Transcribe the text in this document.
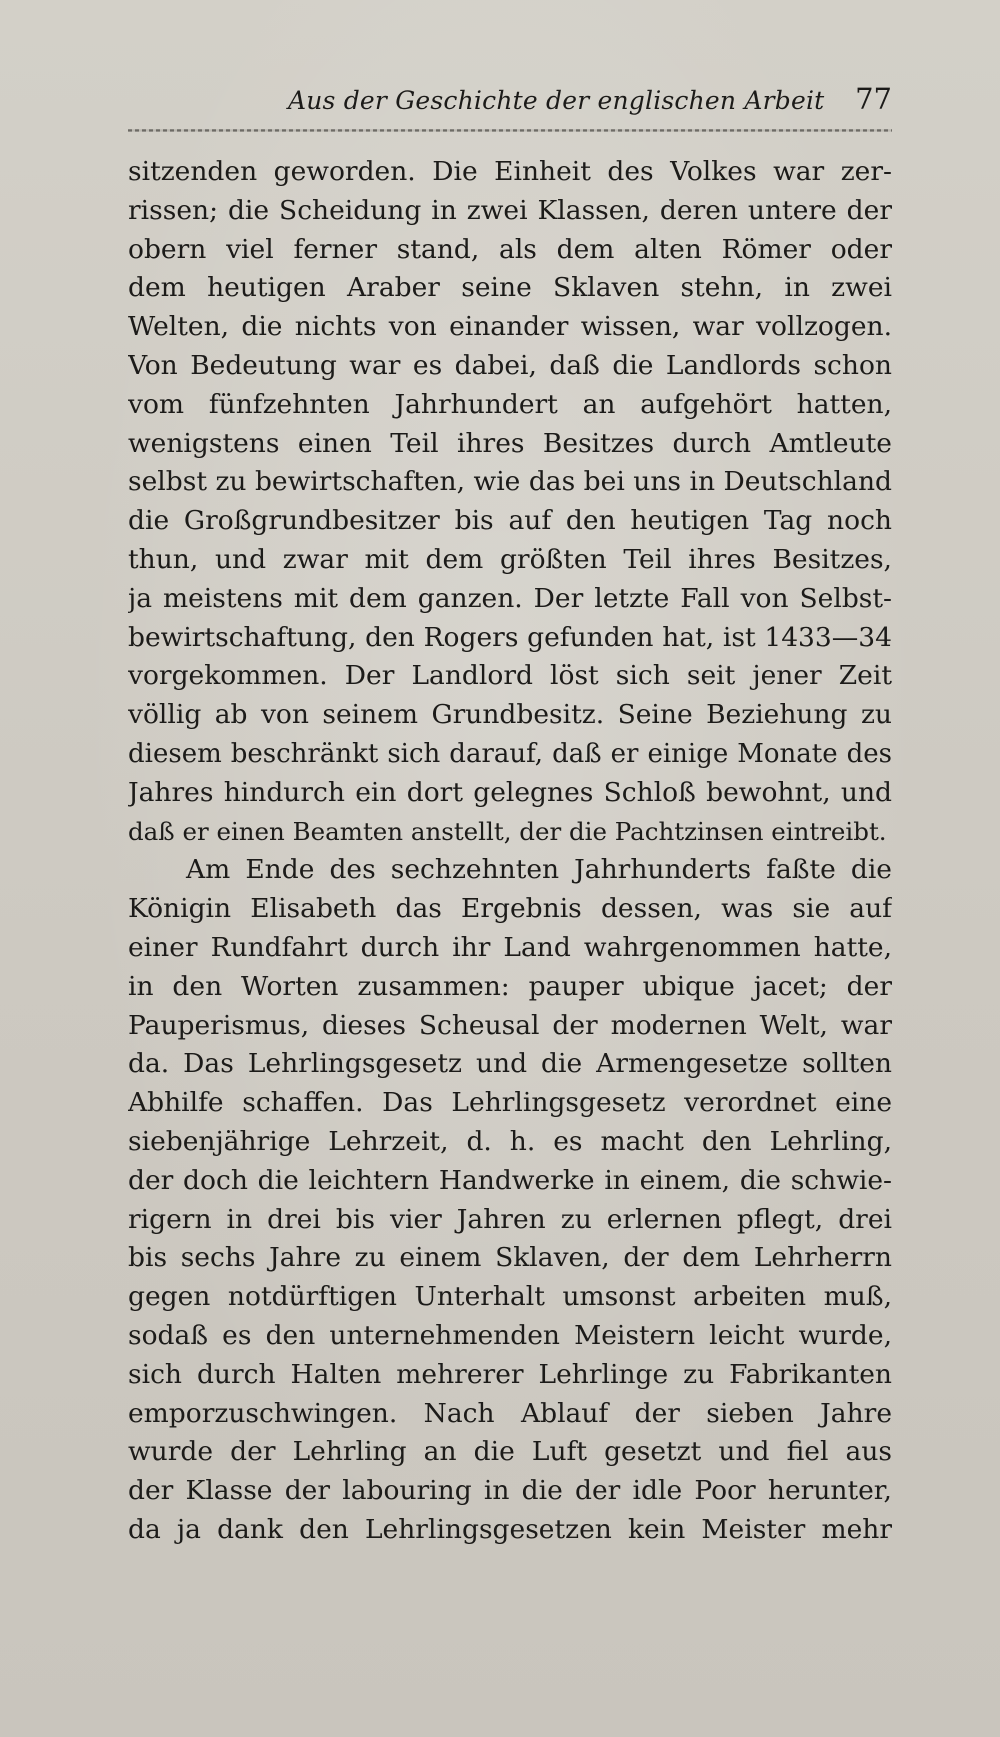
Aus der Geschichte der englischen Arbeit 77
sitzenden geworden. Die Einheit des Volkes war zer-
rissen; die Scheidung in zwei Klassen, deren untere der
obern viel ferner stand, als dem alten Römer oder
dem heutigen Araber seine Sklaven stehn, in zwei
Welten, die nichts von einander wissen, war vollzogen.
Von Bedeutung war es dabei, daß die Landlords schon
vom fünfzehnten Jahrhundert an aufgehört hatten,
wenigstens einen Teil ihres Besitzes durch Amtleute
selbst zu bewirtschaften, wie das bei uns in Deutschland
die Großgrundbesitzer bis auf den heutigen Tag noch
thun, und zwar mit dem größten Teil ihres Besitzes,
ja meistens mit dem ganzen. Der letzte Fall von Selbst-
bewirtschaftung, den Rogers gefunden hat, ist 1433—34
vorgekommen. Der Landlord löst sich seit jener Zeit
völlig ab von seinem Grundbesitz. Seine Beziehung zu
diesem beschränkt sich darauf, daß er einige Monate des
Jahres hindurch ein dort gelegnes Schloß bewohnt, und
daß er einen Beamten anstellt, der die Pachtzinsen eintreibt.
Am Ende des sechzehnten Jahrhunderts faßte die
Königin Elisabeth das Ergebnis dessen, was sie auf
einer Rundfahrt durch ihr Land wahrgenommen hatte,
in den Worten zusammen: pauper ubique jacet; der
Pauperismus, dieses Scheusal der modernen Welt, war
da. Das Lehrlingsgesetz und die Armengesetze sollten
Abhilfe schaffen. Das Lehrlingsgesetz verordnet eine
siebenjährige Lehrzeit, d. h. es macht den Lehrling,
der doch die leichtern Handwerke in einem, die schwie-
rigern in drei bis vier Jahren zu erlernen pflegt, drei
bis sechs Jahre zu einem Sklaven, der dem Lehrherrn
gegen notdürftigen Unterhalt umsonst arbeiten muß,
sodaß es den unternehmenden Meistern leicht wurde,
sich durch Halten mehrerer Lehrlinge zu Fabrikanten
emporzuschwingen. Nach Ablauf der sieben Jahre
wurde der Lehrling an die Luft gesetzt und fiel aus
der Klasse der labouring in die der idle Poor herunter,
da ja dank den Lehrlingsgesetzen kein Meister mehr
